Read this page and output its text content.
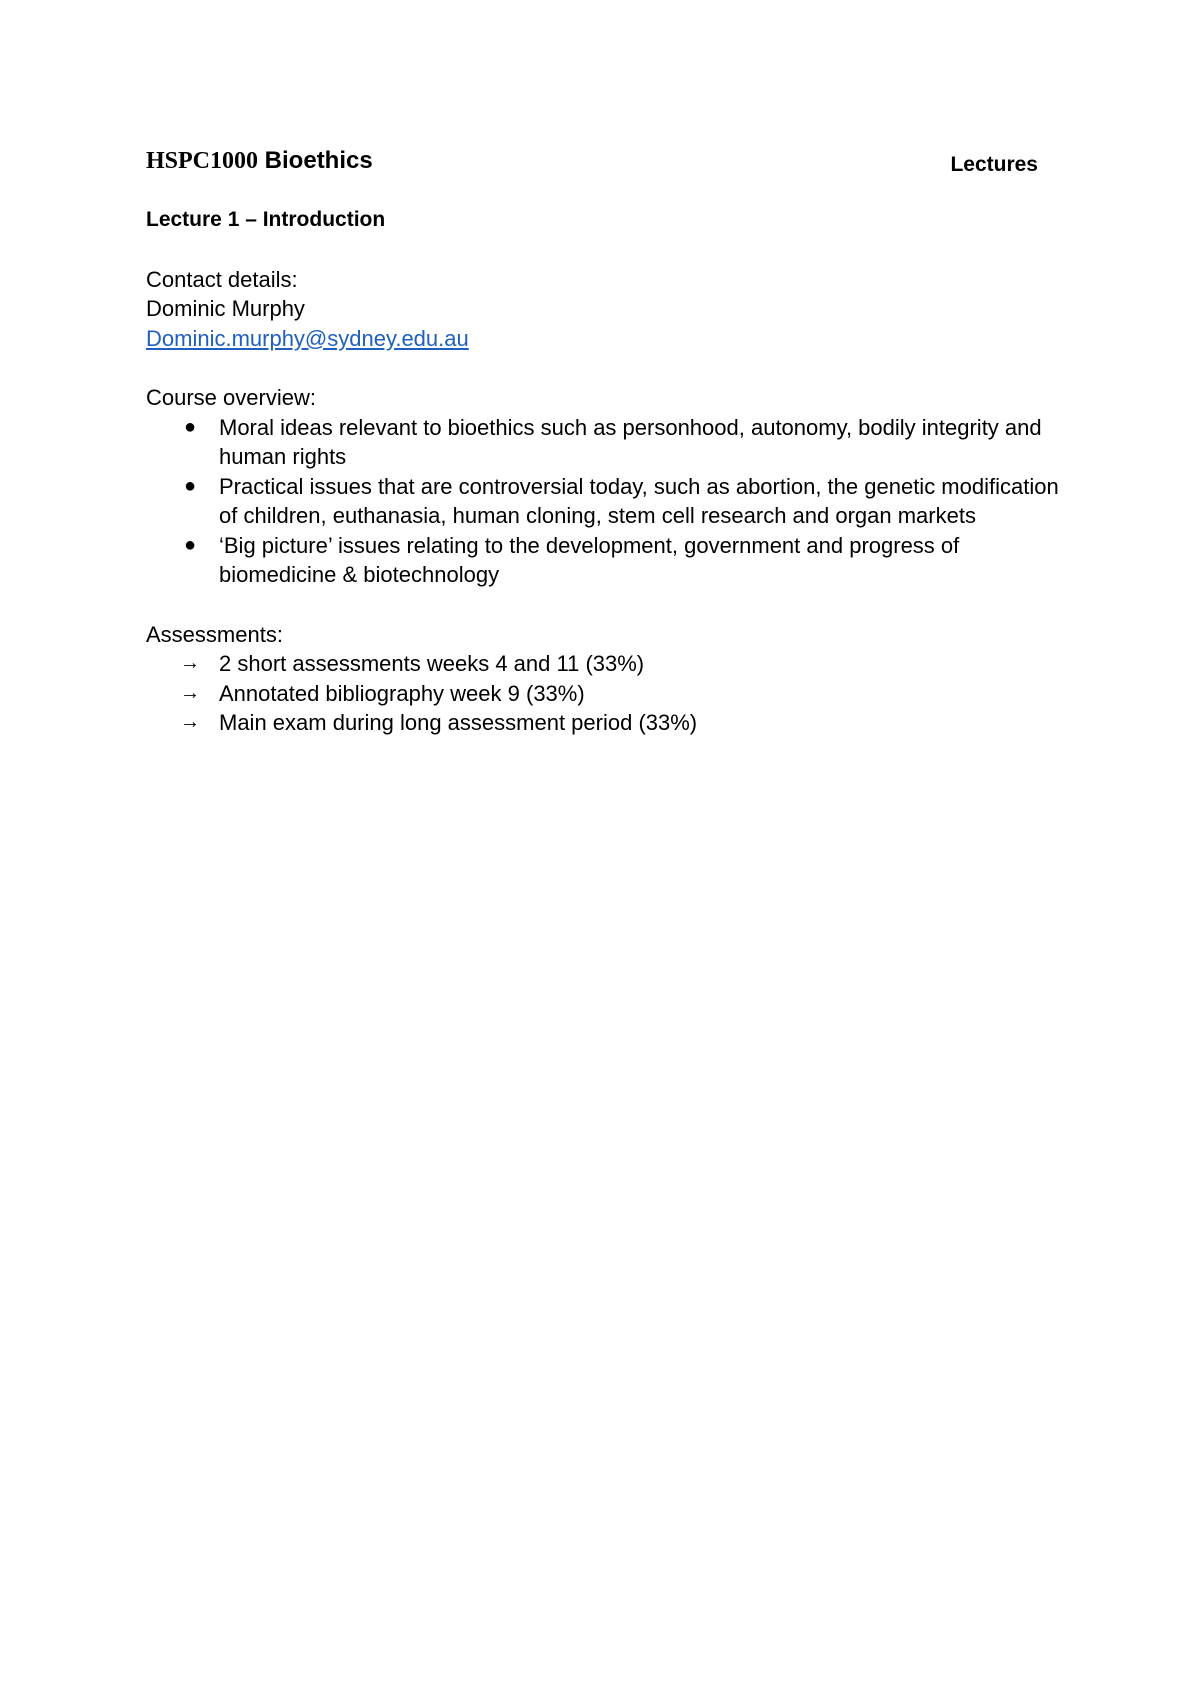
HSPC1000 Bioethics	Lectures
Lecture 1 – Introduction
Contact details:
Dominic Murphy
Dominic.murphy@sydney.edu.au
Course overview:
● Moral ideas relevant to bioethics such as personhood, autonomy, bodily integrity and human rights
● Practical issues that are controversial today, such as abortion, the genetic modification of children, euthanasia, human cloning, stem cell research and organ markets
● ‘Big picture’ issues relating to the development, government and progress of biomedicine & biotechnology
Assessments:
→ 2 short assessments weeks 4 and 11 (33%)
→ Annotated bibliography week 9 (33%)
→ Main exam during long assessment period (33%)
